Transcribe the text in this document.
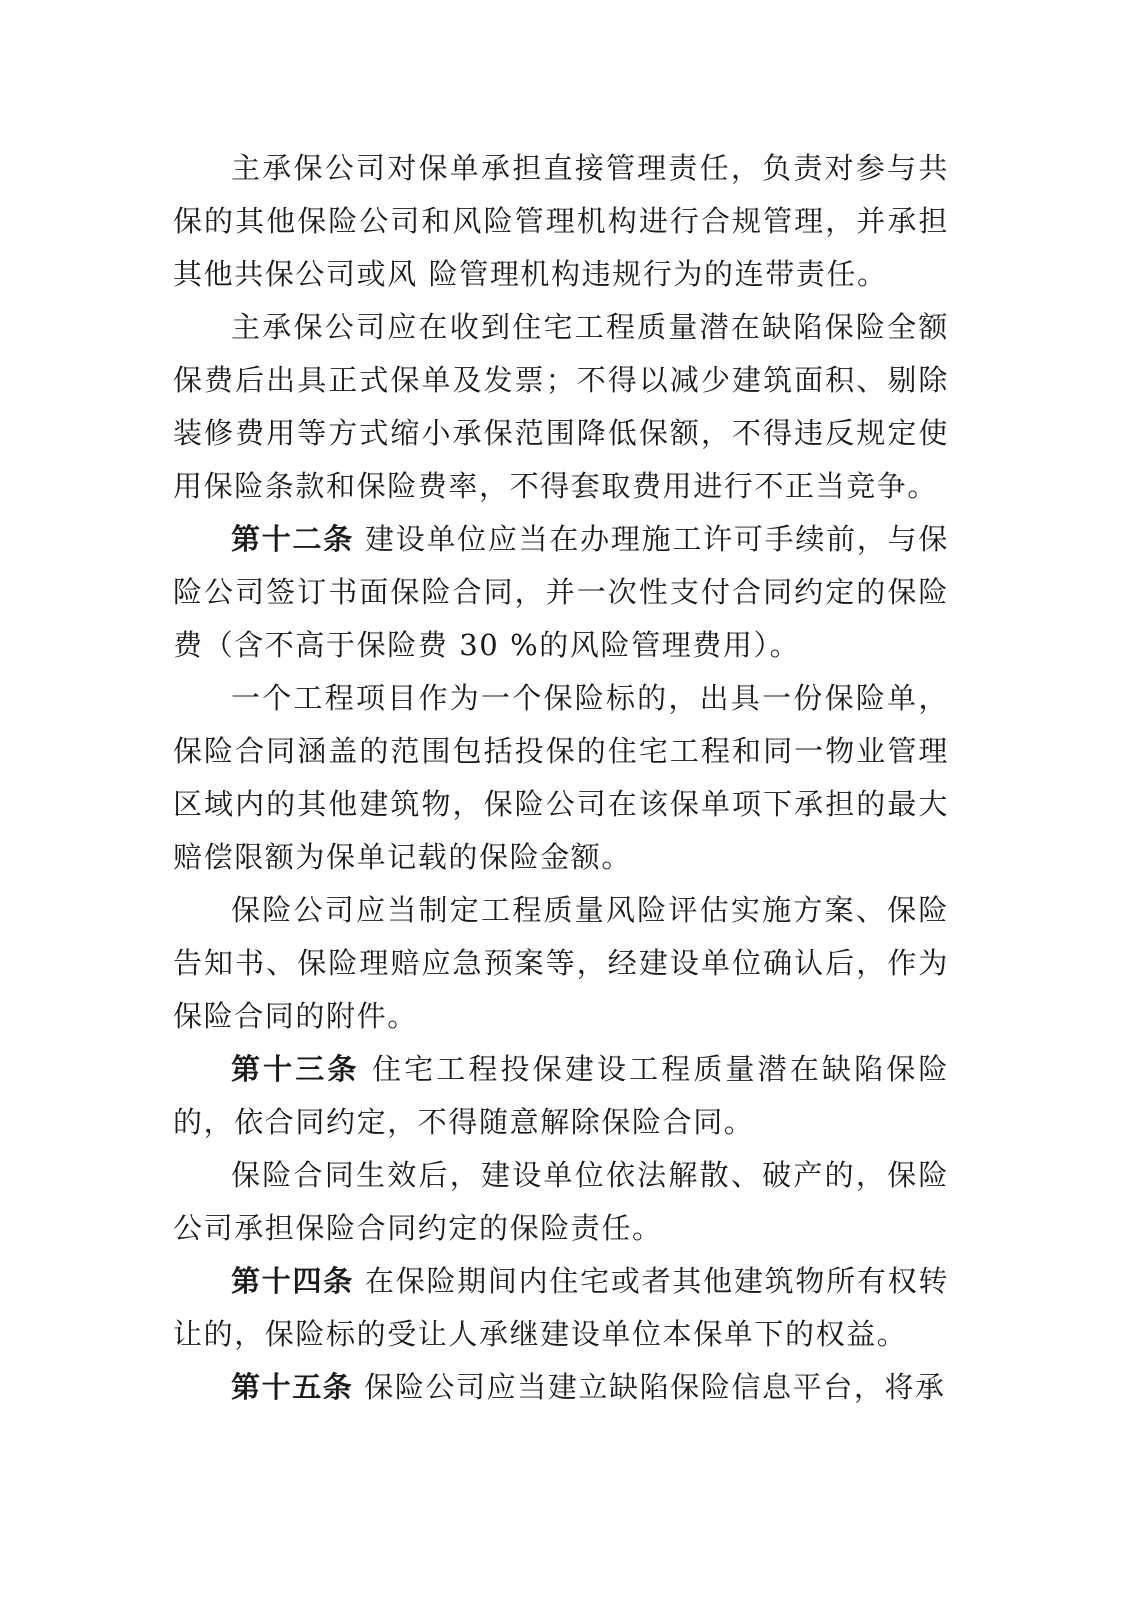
主承保公司对保单承担直接管理责任，负责对参与共保的其他保险公司和风险管理机构进行合规管理，并承担其他共保公司或风 险管理机构违规行为的连带责任。

主承保公司应在收到住宅工程质量潜在缺陷保险全额保费后出具正式保单及发票；不得以减少建筑面积、剔除装修费用等方式缩小承保范围降低保额，不得违反规定使用保险条款和保险费率，不得套取费用进行不正当竞争。

第十二条 建设单位应当在办理施工许可手续前，与保险公司签订书面保险合同，并一次性支付合同约定的保险费（含不高于保险费 30 %的风险管理费用）。

一个工程项目作为一个保险标的，出具一份保险单，保险合同涵盖的范围包括投保的住宅工程和同一物业管理区域内的其他建筑物，保险公司在该保单项下承担的最大赔偿限额为保单记载的保险金额。

保险公司应当制定工程质量风险评估实施方案、保险告知书、保险理赔应急预案等，经建设单位确认后，作为保险合同的附件。

第十三条 住宅工程投保建设工程质量潜在缺陷保险的，依合同约定，不得随意解除保险合同。

保险合同生效后，建设单位依法解散、破产的，保险公司承担保险合同约定的保险责任。

第十四条 在保险期间内住宅或者其他建筑物所有权转让的，保险标的受让人承继建设单位本保单下的权益。

第十五条 保险公司应当建立缺陷保险信息平台，将承
